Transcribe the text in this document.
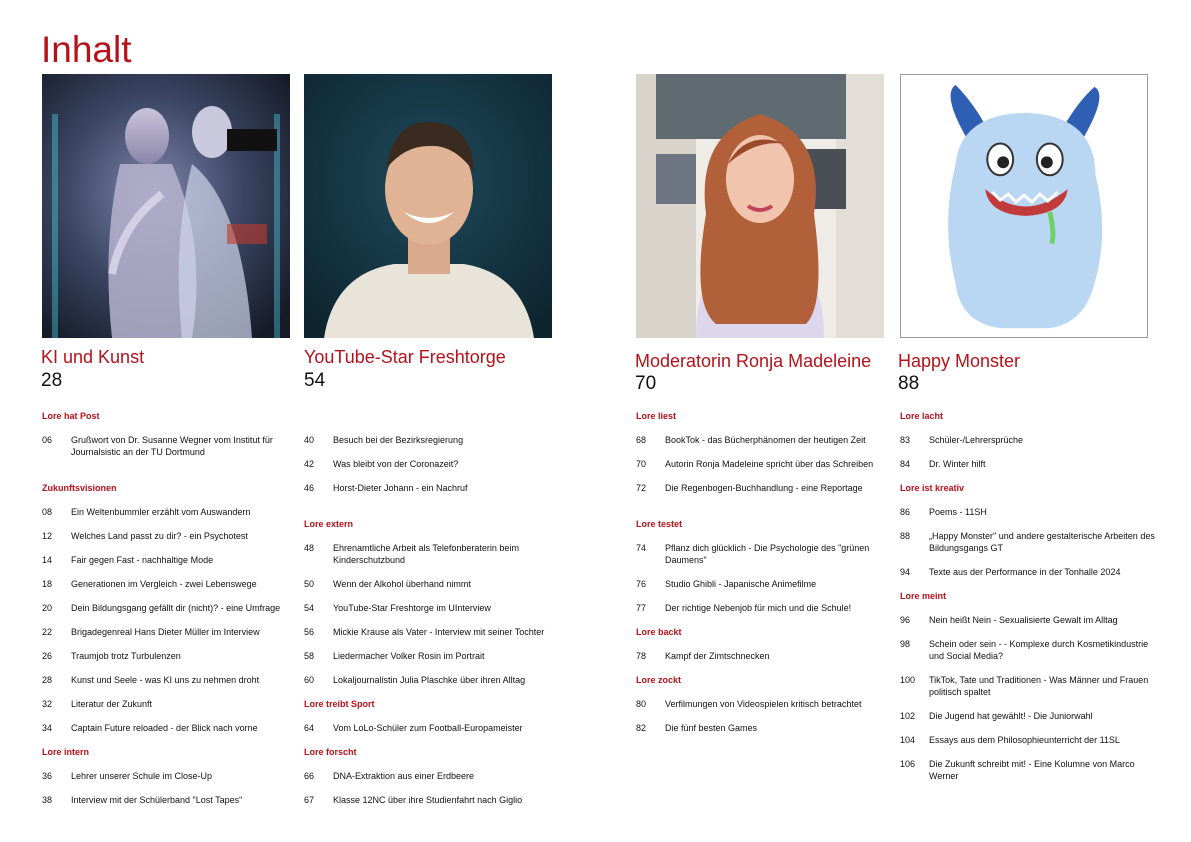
Inhalt
KI und Kunst
28
YouTube-Star Freshtorge
54
Moderatorin Ronja Madeleine
70
Happy Monster
88
Lore hat Post
06 Grußwort von Dr. Susanne Wegner vom Institut für
Journalsistic an der TU Dortmund
Zukunftsvisionen
08 Ein Weltenbummler erzählt vom Auswandern
12 Welches Land passt zu dir? - ein Psychotest
14 Fair gegen Fast - nachhaltige Mode
18 Generationen im Vergleich - zwei Lebenswege
20 Dein Bildungsgang gefällt dir (nicht)? - eine Umfrage
22 Brigadegenreal Hans Dieter Müller im Interview
26 Traumjob trotz Turbulenzen
28 Kunst und Seele - was KI uns zu nehmen droht
32 Literatur der Zukunft
34 Captain Future reloaded - der Blick nach vorne
Lore intern
36 Lehrer unserer Schule im Close-Up
38 Interview mit der Schülerband "Lost Tapes"
40 Besuch bei der Bezirksregierung
42 Was bleibt von der Coronazeit?
46 Horst-Dieter Johann - ein Nachruf
Lore extern
48 Ehrenamtliche Arbeit als Telefonberaterin beim
Kinderschutzbund
50 Wenn der Alkohol überhand nimmt
54 YouTube-Star Freshtorge im UInterview
56 Mickie Krause als Vater - Interview mit seiner Tochter
58 Liedermacher Volker Rosin im Portrait
60 Lokaljournalistin Julia Plaschke über ihren Alltag
Lore treibt Sport
64 Vom LoLo-Schüler zum Football-Europameister
Lore forscht
66 DNA-Extraktion aus einer Erdbeere
67 Klasse 12NC über ihre Studienfahrt nach Giglio
Lore liest
68 BookTok - das Bücherphänomen der heutigen Zeit
70 Autorin Ronja Madeleine spricht über das Schreiben
72 Die Regenbogen-Buchhandlung - eine Reportage
Lore testet
74 Pflanz dich glücklich - Die Psychologie des "grünen
Daumens"
76 Studio Ghibli - Japanische Animefilme
77 Der richtige Nebenjob für mich und die Schule!
Lore backt
78 Kampf der Zimtschnecken
Lore zockt
80 Verfilmungen von Videospielen kritisch betrachtet
82 Die fünf besten Games
Lore lacht
83 Schüler-/Lehrersprüche
84 Dr. Winter hilft
Lore ist kreativ
86 Poems - 11SH
88 „Happy Monster" und andere gestalterische Arbeiten des
Bildungsgangs GT
94 Texte aus der Performance in der Tonhalle 2024
Lore meint
96 Nein heißt Nein - Sexualisierte Gewalt im Alltag
98 Schein oder sein - - Komplexe durch Kosmetikindustrie
und Social Media?
100 TikTok, Tate und Traditionen - Was Männer und Frauen
politisch spaltet
102 Die Jugend hat gewählt! - Die Juniorwahl
104 Essays aus dem Philosophieunterricht der 11SL
106 Die Zukunft schreibt mit! - Eine Kolumne von Marco
Werner
